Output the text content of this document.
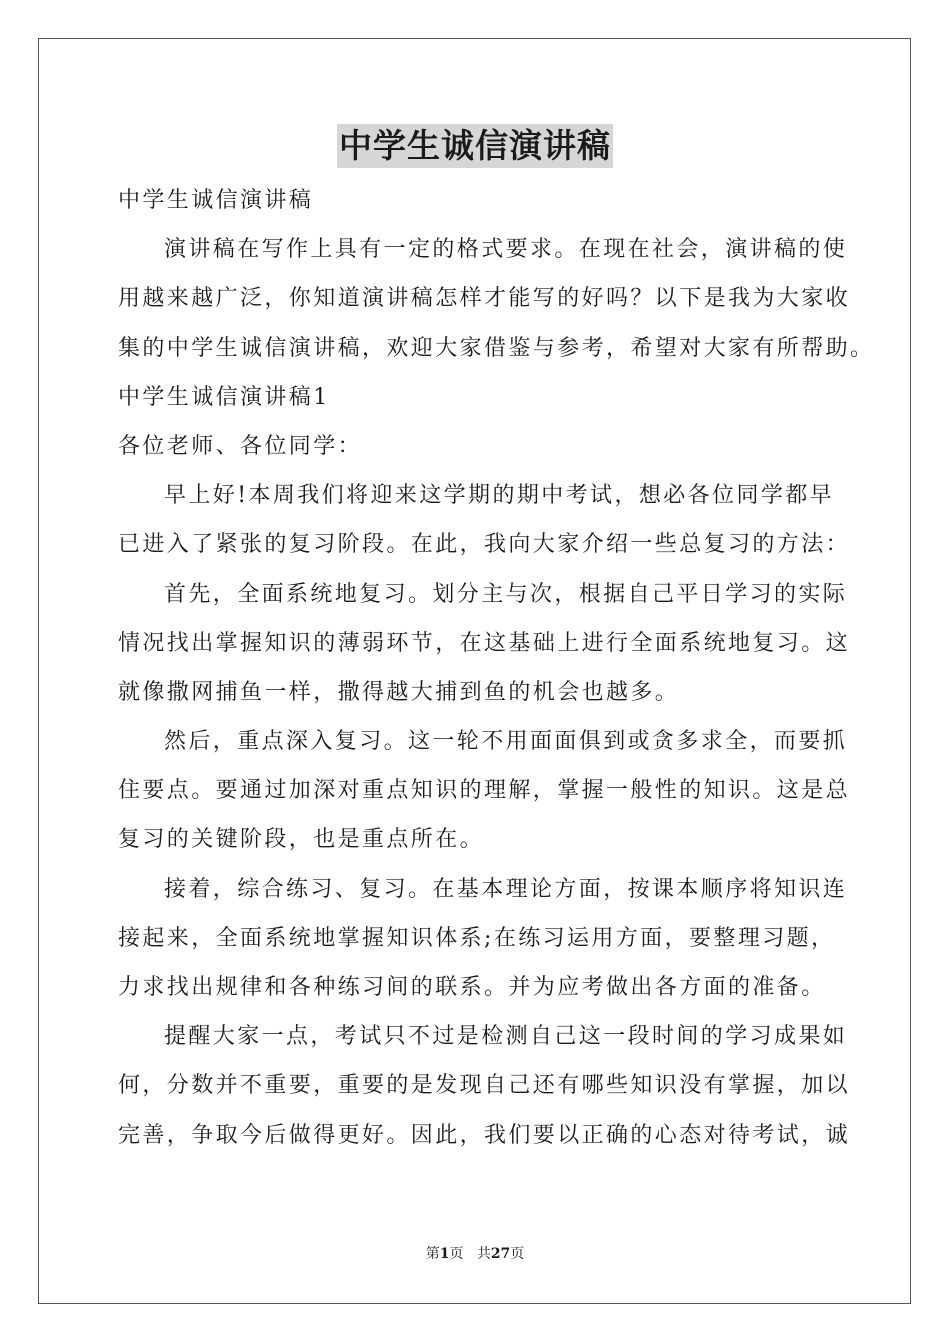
中学生诚信演讲稿
中学生诚信演讲稿
演讲稿在写作上具有一定的格式要求。在现在社会，演讲稿的使
用越来越广泛，你知道演讲稿怎样才能写的好吗？以下是我为大家收
集的中学生诚信演讲稿，欢迎大家借鉴与参考，希望对大家有所帮助。
中学生诚信演讲稿1
各位老师、各位同学：
早上好!本周我们将迎来这学期的期中考试，想必各位同学都早
已进入了紧张的复习阶段。在此，我向大家介绍一些总复习的方法：
首先，全面系统地复习。划分主与次，根据自己平日学习的实际
情况找出掌握知识的薄弱环节，在这基础上进行全面系统地复习。这
就像撒网捕鱼一样，撒得越大捕到鱼的机会也越多。
然后，重点深入复习。这一轮不用面面俱到或贪多求全，而要抓
住要点。要通过加深对重点知识的理解，掌握一般性的知识。这是总
复习的关键阶段，也是重点所在。
接着，综合练习、复习。在基本理论方面，按课本顺序将知识连
接起来，全面系统地掌握知识体系;在练习运用方面，要整理习题，
力求找出规律和各种练习间的联系。并为应考做出各方面的准备。
提醒大家一点，考试只不过是检测自己这一段时间的学习成果如
何，分数并不重要，重要的是发现自己还有哪些知识没有掌握，加以
完善，争取今后做得更好。因此，我们要以正确的心态对待考试，诚
第1页 共27页
